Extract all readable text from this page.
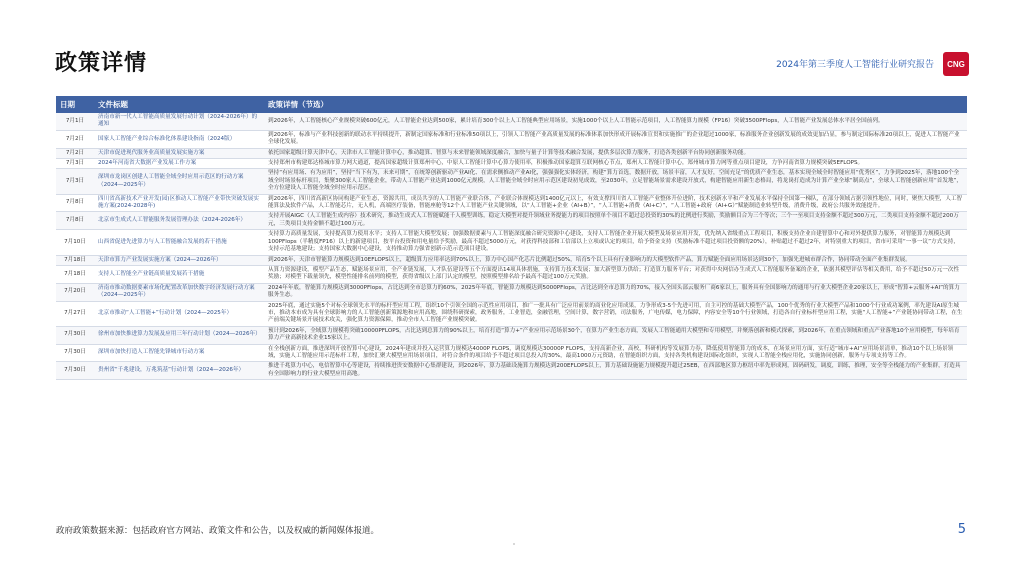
政策详情	2024年第三季度人工智能行业研究报告	CNG
日期	文件标题	政策详情（节选）
7月1日	济南市新一代人工智能高质量发展行动计划（2024-2026年）的通知	到2026年，人工智能核心产业规模突破600亿元，人工智能企业达到500家，累计培育300个以上人工智能典型应用场景，实施1000个以上人工智能示范项目，人工智能算力规模（FP16）突破3500PFlops，人工智能产业发展总体水平居全国前列。
7月2日	国家人工智能产业综合标准化体系建设指南（2024版）	到2026年，标准与产业科技创新的联动水平持续提升，新制定国家标准和行业标准50项以上，引领人工智能产业高质量发展的标准体系加快形成开展标准宣贯和实施推广的企业超过1000家，标准服务企业创新发展的成效更加凸显，参与制定国际标准20项以上，促进人工智能产业全球化发展。
7月2日	天津市促进现代服务业高质量发展实施方案	依托国家超级计算天津中心，天津市人工智能计算中心，推动超算、智算与未来智能领域深度融合，加快与量子计算等技术融合发展，提供多层次算力服务，打造各类创新平台协同创新服务功能。
7月3日	2024年河南省大数据产业发展工作方案	支持郑州市构建郑达格城市算力网大通道，提高国家超级计算郑州中心，中原人工智能计算中心算力使用率，积极推动国家超算互联网核心节点，郑州人工智能计算中心，郑州城市算力网等重点项目建设，力争河南省算力规模突破5EFLOPS。
7月3日	深圳市龙岗区创建人工智能全域全时应用示范区的行动方案（2024—2025年）	坚持“有应用场、有为应用”，坚持“当下有为，未来可期”，在统筹创新驱动产业AI化、在需求侧推动产业AI化，强强强化实体经济，构建“算力首选，数据开放，场景丰富，人才友好，空间充足”的优质产业生态，基本实现全域全时智能应用“优秀区”，力争到2025年，落地100个全域全时场景标杆项目，集聚300家人工智能企业，带动人工智能产业达到1000亿元规模，人工智能全域全时应用示范区建设初见成效，至2030年，立足智能场景需求建设开放式，构建智能应用新生态格局，将龙岗打造成为计算产业全球“制高点”，全球人工智能创新应用“首发地”，全方位建设人工智能全域全时应用示范区。
7月8日	四川省高新技术产业开发(园)区推动人工智能产业带快突破发展实施方案(2024-2028年)	到2026年，四川省高新区协同构建产业生态，资源共用，成员共享的人工智能产业联合体，产业联合体规模达到1400亿元以上，有效支撑四川省人工智能产业整体升位进阶，技术创新水平和产业发展水平保持全国第一梯队，在部分领域占据引领性地位，同时，聚焦大模型，人工智能算法及软件产品，人工智能芯片，无人机，高端医疗装备，智能座舱等12个人工智能产业关键领域，以“人工智能+企业（AI+B）”，“人工智能+消费（AI+C）”，“人工智能+政府（AI+G）”赋能制造业转型升级，消费升级，政府公共服务效能提升。
7月8日	北京市生成式人工智能服务发展管理办法（2024-2026年）	支持开展AIGC（人工智能生成内容）技术研究，推动生成式人工智能赋能千人模型训练，稳定大模型对提升领域业务提能力的项目按照单个项目不超过总投资的30%的比例进行奖励，奖励额目合为三个等次；三个一至项目支持金额不超过300万元，二类项目支持金额不超过200万元，三类项目支持金额不超过100万元。
7月10日	山西省促进先进算力与人工智能融合发展的若干措施	支持算力高质量发展，支持提高算力使用水平；支持人工智能大模型发展；加强数据要素与人工智能深度融合研究资源中心建设，支持人工智能企业开展大模型及场景应用开发，优先纳入省级重点工程项目，积极支持企业自建智算中心和对外提供算力服务，对智能算力规模达到100PFlops（半精度FP16）以上的新建项目，按平台投资和用电量给予奖励，最高不超过5000万元，对获得科技部和工信部以上立项或认定的项目，给予资金支持（奖励标准不超过项目投资额的20%），补贴超过不超过2年，对特别重大的项目，省市可采用“一事一议”方式支持，支持示范基地建设；支持国家大数据中心建设，支持推动算力强省创新示范示范项目建设。
7月18日	天津市算力产业发展实施方案（2024—2026年）	到2026年，天津市智能算力规模达到10EFLOPS以上，超级算力应用率达到70%以上，算力中心国产化芯片比例超过50%，培育5个以上具有行业影响力的大模型软件产品，算力赋能全面应用场景达到30个，加强先进城市群合作，协同带动全面产业集群发展。
7月18日	支持人工智能全产业链高质量发展若干措施	从算力资源建设，模型产品生态，赋能场景应用，全产业链发展，人才队伍建设等五个方面提出14项具体措施，支持算力技术发展；加大新型算力供给；打造算力服务平台；对获得中央网信办生成式人工智能服务备案的企业，依据其模型评估等相关费用，给予不超过50万元一次性奖励；对模型下载量领先，模型性能排名前列的模型，获得省级以上部门认定的模型，按照模型排名给予最高不超过100万元奖励。
7月20日	济南市推动数据要素市场化配置改革加快数字经济发展行动方案（2024—2025年）	2024年年底，智能算力规模达到3000PFlops，占比达到全市总算力的60%，2025年年底，智能算力规模达到5000PFlops，占比达到全市总算力的70%，接入全国头部云服务厂商6家以上，服务具有全国影响力的通用与行业大模型企业20家以上，形成“智算+云服务+AI”的算力服务生态。
7月27日	北京市推动“人工智能+”行动计划（2024—2025年）	2025年底，通过实施5个对标全球领先水平的标杆型应用工程，组织10个引领全国的示范性应用项目，推广一批具有广泛应用前景的商业化应用成果，力争形成3-5个先进可用，自主可控的基础大模型产品，100个优秀的行业大模型产品和1000个行业成功案例，率先建设AI原生城市，推动本市成为具有全球影响力的人工智能创新策源地和应用高地，围绕科研探索，政务服务，工业智造，金融管理，空间计算，数字营销，司法服务，广电传媒，电力保障，内容安全等10个行业领域，打造各自行业标杆型应用工程，实施“人工智能+”产业链协同带动工程，在生产前端关键场景开展技术攻关，强化算力资源保障，推动全市人工智能产业规模突破。
7月30日	徐州市加快推进算力发展及应用三年行动计划（2024—2026年）	预计到2026年，全域算力规模将突破10000PFLOPS，占比达到总算力的90%以上，培育打造“算力+”产业应用示范场景30个，在算力产业生态方面，发展人工智能通用大模型和专用模型，并聚落创新和模式探索，到2026年，在重点领域和重点产业落地10个应用模型，每年培育算力产业高新技术企业15家以上。
7月30日	深圳市加快打造人工智能先锋城市行动方案	在全栈创新方面，推进深圳开放智算中心建设，2024年建成并投入运营算力规模达4000P FLOPS，调度规模达30000P FLOPS，支持高新企业，高校，科研机构等发展算力券，降低使用智能算力的成本，在场景应用方面，实行适“城市+AI”应用场景清单，推动10个以上场景领域，实施人工智能应用示范标杆工程，加快汇聚大模型应用场景项目，对符合条件的项目给予不超过项目总投入的30%，最高1000万元资助，在智能组织方面，支持各类机构建设国际化组织，实现人工智能全栈应用化，实施协同创新，服务与专项支持等工作。
7月30日	贵州省“千兆建设，万兆筑基”行动计划（2024—2026年）	推进千兆算力中心，电信智算中心等建设，持续推进贵安数据中心集群建设，到2026年，算力基础设施算力规模达到200EFLOPS以上，算力基础设施能力规模提升超过25EB，在西部地区算力枢纽中率先形成网，固码研发，调度，训练，推理，安全等全栈能力的产业集群，打造具有全国影响力的行业大模型应用高地。
政府政策数据来源：包括政府官方网站、政策文件和公告，以及权威的新闻媒体报道。	5
